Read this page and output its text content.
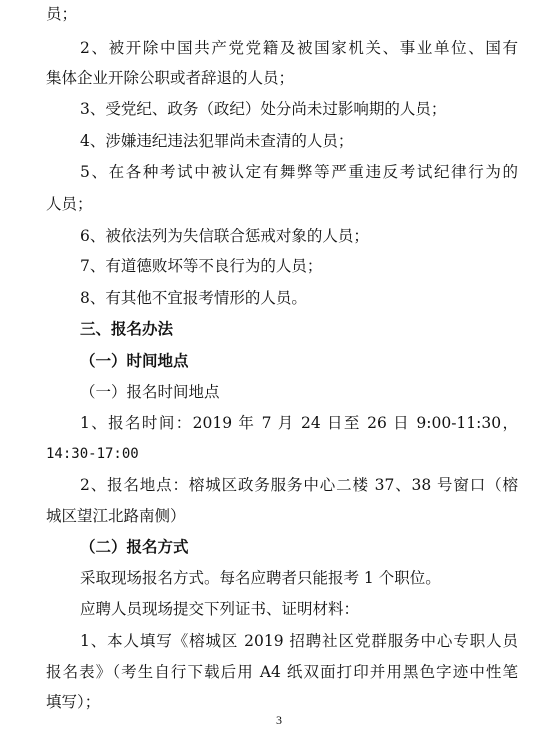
员；
2、被开除中国共产党党籍及被国家机关、事业单位、国有
集体企业开除公职或者辞退的人员；
3、受党纪、政务（政纪）处分尚未过影响期的人员；
4、涉嫌违纪违法犯罪尚未查清的人员；
5、在各种考试中被认定有舞弊等严重违反考试纪律行为的
人员；
6、被依法列为失信联合惩戒对象的人员；
7、有道德败坏等不良行为的人员；
8、有其他不宜报考情形的人员。
三、报名办法
（一）时间地点
（一）报名时间地点
1、报名时间：2019 年 7 月 24 日至 26 日 9:00-11:30，
14:30-17:00
2、报名地点：榕城区政务服务中心二楼 37、38 号窗口（榕
城区望江北路南侧）
（二）报名方式
采取现场报名方式。每名应聘者只能报考 1 个职位。
应聘人员现场提交下列证书、证明材料：
1、本人填写《榕城区 2019 招聘社区党群服务中心专职人员
报名表》（考生自行下载后用 A4 纸双面打印并用黑色字迹中性笔
填写）；
3
